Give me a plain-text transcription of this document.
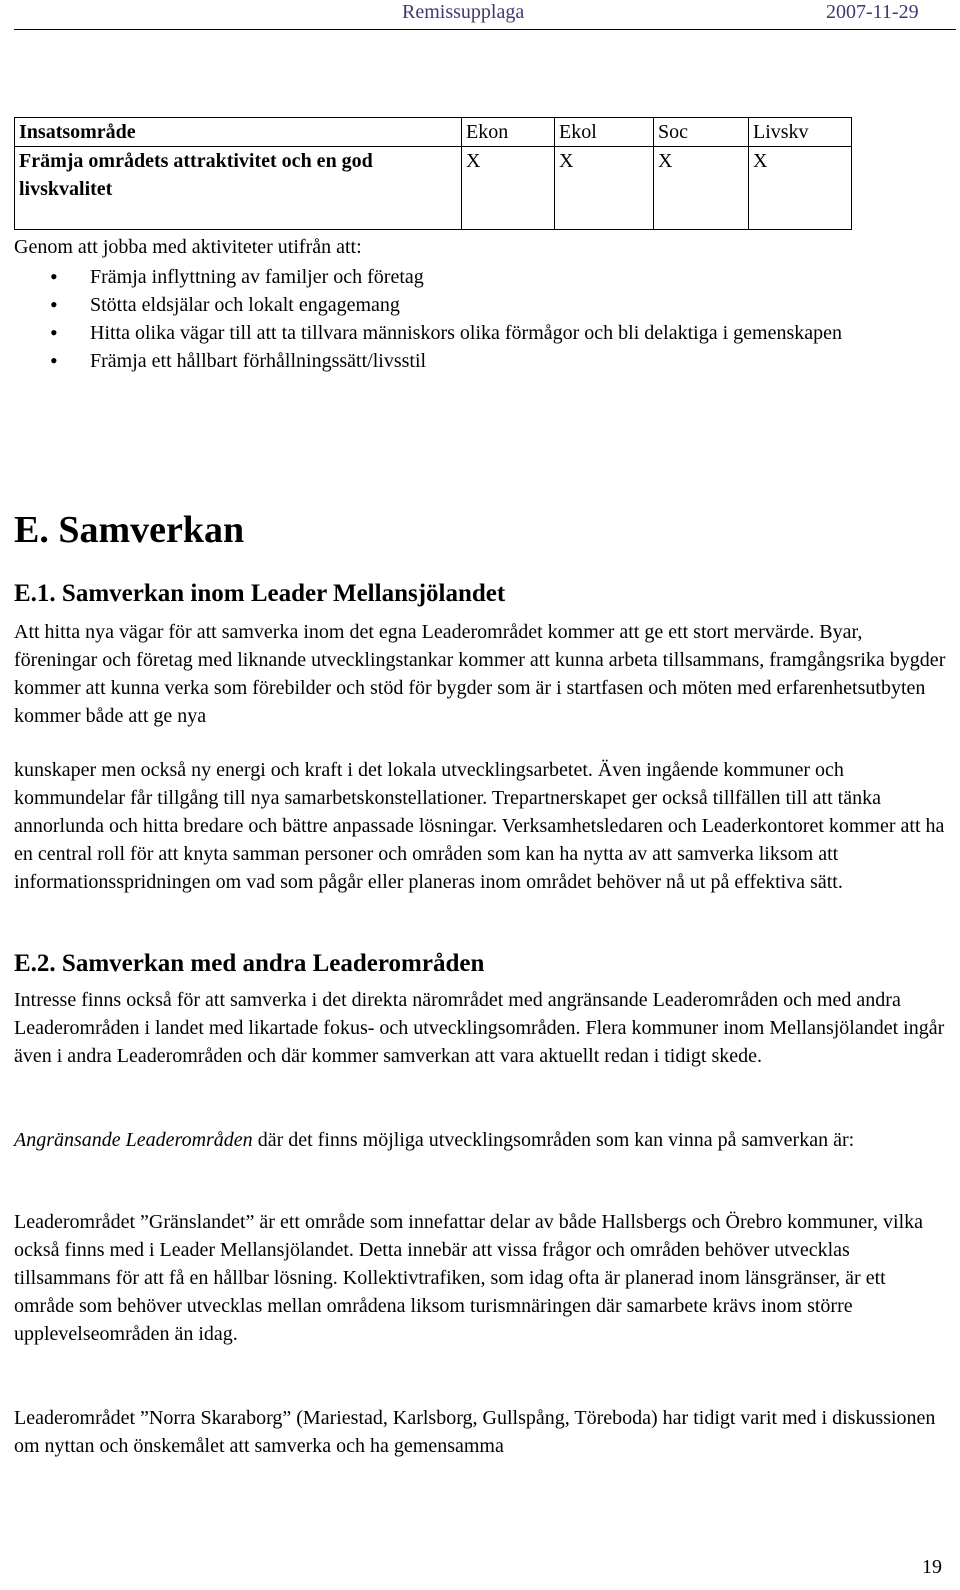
Remissupplaga	2007-11-29
Insatsområde	Ekon	Ekol	Soc	Livskv
Främja områdets attraktivitet och en god livskvalitet	X	X	X	X
Genom att jobba med aktiviteter utifrån att:
• Främja inflyttning av familjer och företag
• Stötta eldsjälar och lokalt engagemang
• Hitta olika vägar till att ta tillvara människors olika förmågor och bli delaktiga i gemenskapen
• Främja ett hållbart förhållningssätt/livsstil
E. Samverkan
E.1. Samverkan inom Leader Mellansjölandet
Att hitta nya vägar för att samverka inom det egna Leaderområdet kommer att ge ett stort mervärde. Byar, föreningar och företag med liknande utvecklingstankar kommer att kunna arbeta tillsammans, framgångsrika bygder kommer att kunna verka som förebilder och stöd för bygder som är i startfasen och möten med erfarenhetsutbyten kommer både att ge nya
kunskaper men också ny energi och kraft i det lokala utvecklingsarbetet. Även ingående kommuner och kommundelar får tillgång till nya samarbetskonstellationer. Trepartnerskapet ger också tillfällen till att tänka annorlunda och hitta bredare och bättre anpassade lösningar. Verksamhetsledaren och Leaderkontoret kommer att ha en central roll för att knyta samman personer och områden som kan ha nytta av att samverka liksom att informationsspridningen om vad som pågår eller planeras inom området behöver nå ut på effektiva sätt.
E.2. Samverkan med andra Leaderområden
Intresse finns också för att samverka i det direkta närområdet med angränsande Leaderområden och med andra Leaderområden i landet med likartade fokus- och utvecklingsområden. Flera kommuner inom Mellansjölandet ingår även i andra Leaderområden och där kommer samverkan att vara aktuellt redan i tidigt skede.
Angränsande Leaderområden där det finns möjliga utvecklingsområden som kan vinna på samverkan är:
Leaderområdet ”Gränslandet” är ett område som innefattar delar av både Hallsbergs och Örebro kommuner, vilka också finns med i Leader Mellansjölandet. Detta innebär att vissa frågor och områden behöver utvecklas tillsammans för att få en hållbar lösning. Kollektivtrafiken, som idag ofta är planerad inom länsgränser, är ett område som behöver utvecklas mellan områdena liksom turismnäringen där samarbete krävs inom större upplevelseområden än idag.
Leaderområdet ”Norra Skaraborg” (Mariestad, Karlsborg, Gullspång, Töreboda) har tidigt varit med i diskussionen om nyttan och önskemålet att samverka och ha gemensamma
19
